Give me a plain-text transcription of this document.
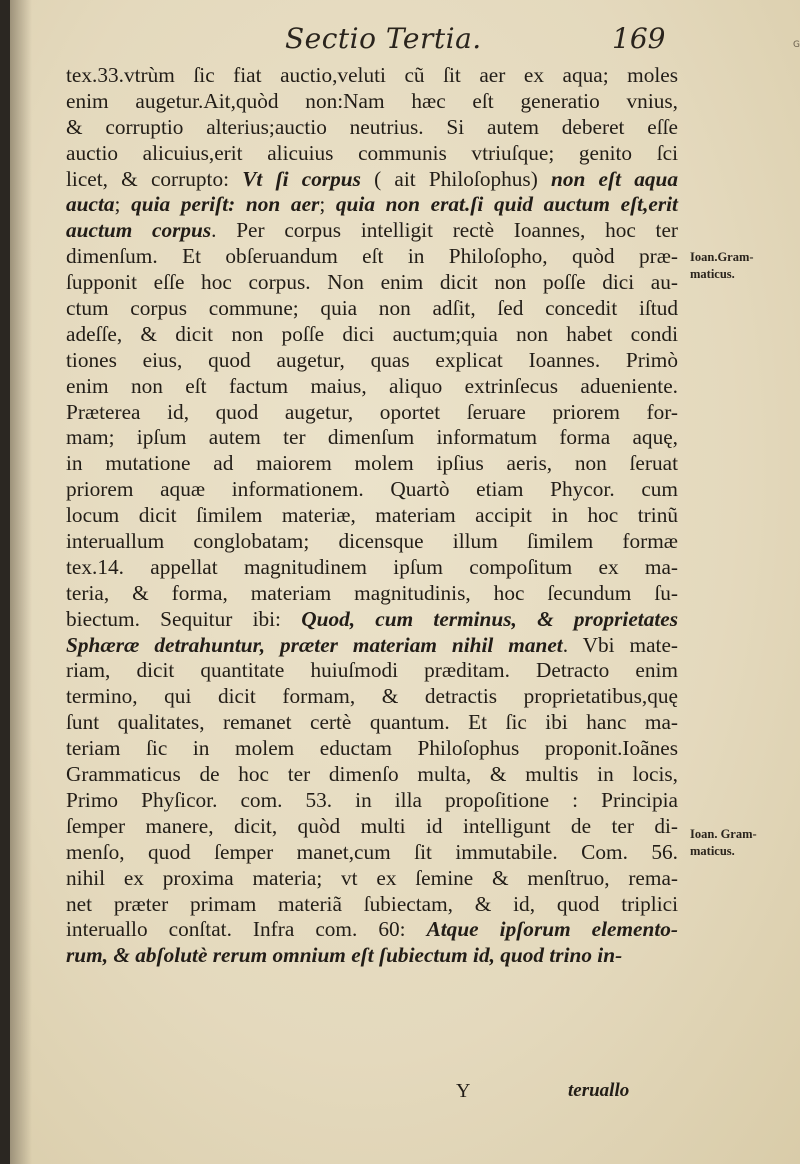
G
Sectio Tertia.	169
tex.33.vtrùm ſic fiat auctio,veluti cũ ſit aer ex aqua; moles
enim augetur.Ait,quòd non:Nam hæc eſt generatio vnius,
& corruptio alterius;auctio neutrius. Si autem deberet eſſe
auctio alicuius,erit alicuius communis vtriuſque; genito ſci
licet, & corrupto: Vt ſi corpus ( ait Philoſophus) non eſt aqua
aucta; quia periſt: non aer; quia non erat.ſi quid auctum eſt,erit
auctum corpus. Per corpus intelligit rectè Ioannes, hoc ter
dimenſum. Et obſeruandum eſt in Philoſopho, quòd præ-
ſupponit eſſe hoc corpus. Non enim dicit non poſſe dici au-
ctum corpus commune; quia non adſit, ſed concedit iſtud
adeſſe, & dicit non poſſe dici auctum;quia non habet condi
tiones eius, quod augetur, quas explicat Ioannes. Primò
enim non eſt factum maius, aliquo extrinſecus adueniente.
Præterea id, quod augetur, oportet ſeruare priorem for-
mam; ipſum autem ter dimenſum informatum forma aquę,
in mutatione ad maiorem molem ipſius aeris, non ſeruat
priorem aquæ informationem. Quartò etiam Phycor. cum
locum dicit ſimilem materiæ, materiam accipit in hoc trinũ
interuallum conglobatam; dicensque illum ſimilem formæ
tex.14. appellat magnitudinem ipſum compoſitum ex ma-
teria, & forma, materiam magnitudinis, hoc ſecundum ſu-
biectum. Sequitur ibi: Quod, cum terminus, & proprietates
Sphæræ detrahuntur, præter materiam nihil manet. Vbi mate-
riam, dicit quantitate huiuſmodi præditam. Detracto enim
termino, qui dicit formam, & detractis proprietatibus,quę
ſunt qualitates, remanet certè quantum. Et ſic ibi hanc ma-
teriam ſic in molem eductam Philoſophus proponit.Ioãnes
Grammaticus de hoc ter dimenſo multa, & multis in locis,
Primo Phyſicor. com. 53. in illa propoſitione : Principia
ſemper manere, dicit, quòd multi id intelligunt de ter di-
menſo, quod ſemper manet,cum ſit immutabile. Com. 56.
nihil ex proxima materia; vt ex ſemine & menſtruo, rema-
net præter primam materiã ſubiectam, & id, quod triplici
interuallo conſtat. Infra com. 60: Atque ipſorum elemento-
rum, & abſolutè rerum omnium eſt ſubiectum id, quod trino in-
Ioan.Gram-
maticus.
Ioan. Gram-
maticus.
Y	teruallo
